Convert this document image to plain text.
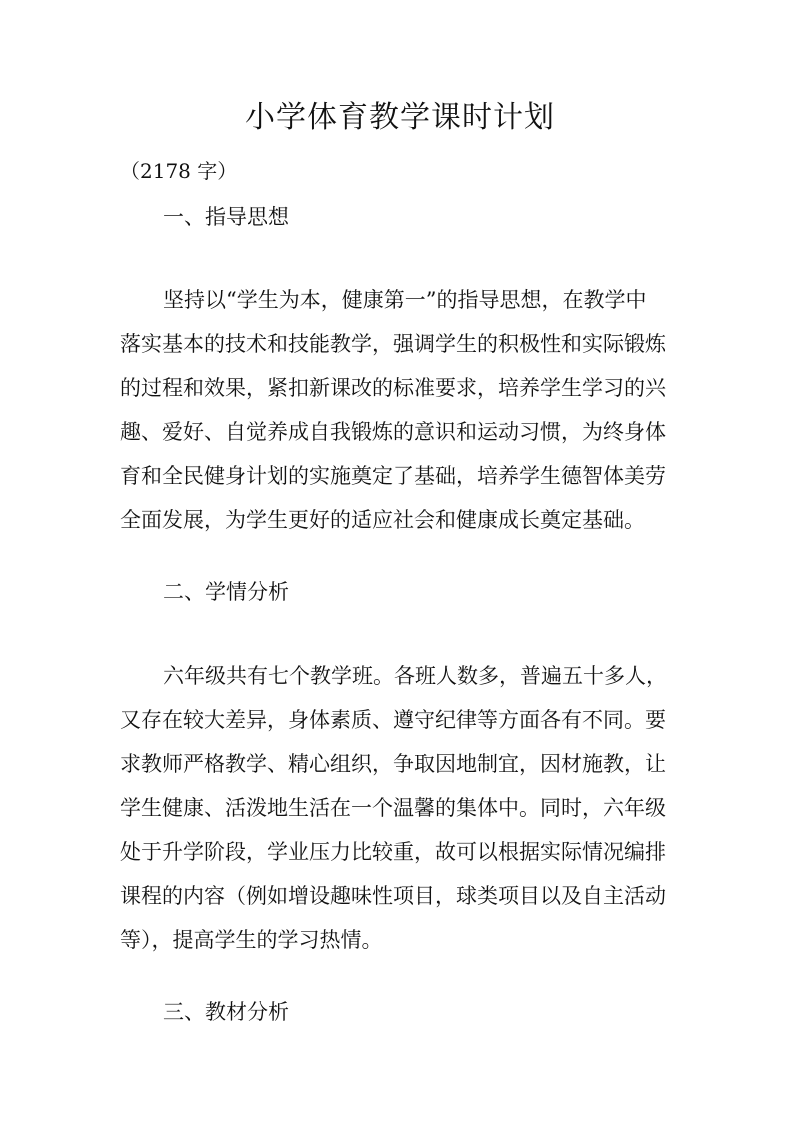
小学体育教学课时计划

（2178 字）

一、指导思想
坚持以“学生为本，健康第一”的指导思想，在教学中
落实基本的技术和技能教学，强调学生的积极性和实际锻炼
的过程和效果，紧扣新课改的标准要求，培养学生学习的兴
趣、爱好、自觉养成自我锻炼的意识和运动习惯，为终身体
育和全民健身计划的实施奠定了基础，培养学生德智体美劳
全面发展，为学生更好的适应社会和健康成长奠定基础。
二、学情分析
六年级共有七个教学班。各班人数多，普遍五十多人，
又存在较大差异，身体素质、遵守纪律等方面各有不同。要
求教师严格教学、精心组织，争取因地制宜，因材施教，让
学生健康、活泼地生活在一个温馨的集体中。同时，六年级
处于升学阶段，学业压力比较重，故可以根据实际情况编排
课程的内容（例如增设趣味性项目，球类项目以及自主活动
等），提高学生的学习热情。
三、教材分析
